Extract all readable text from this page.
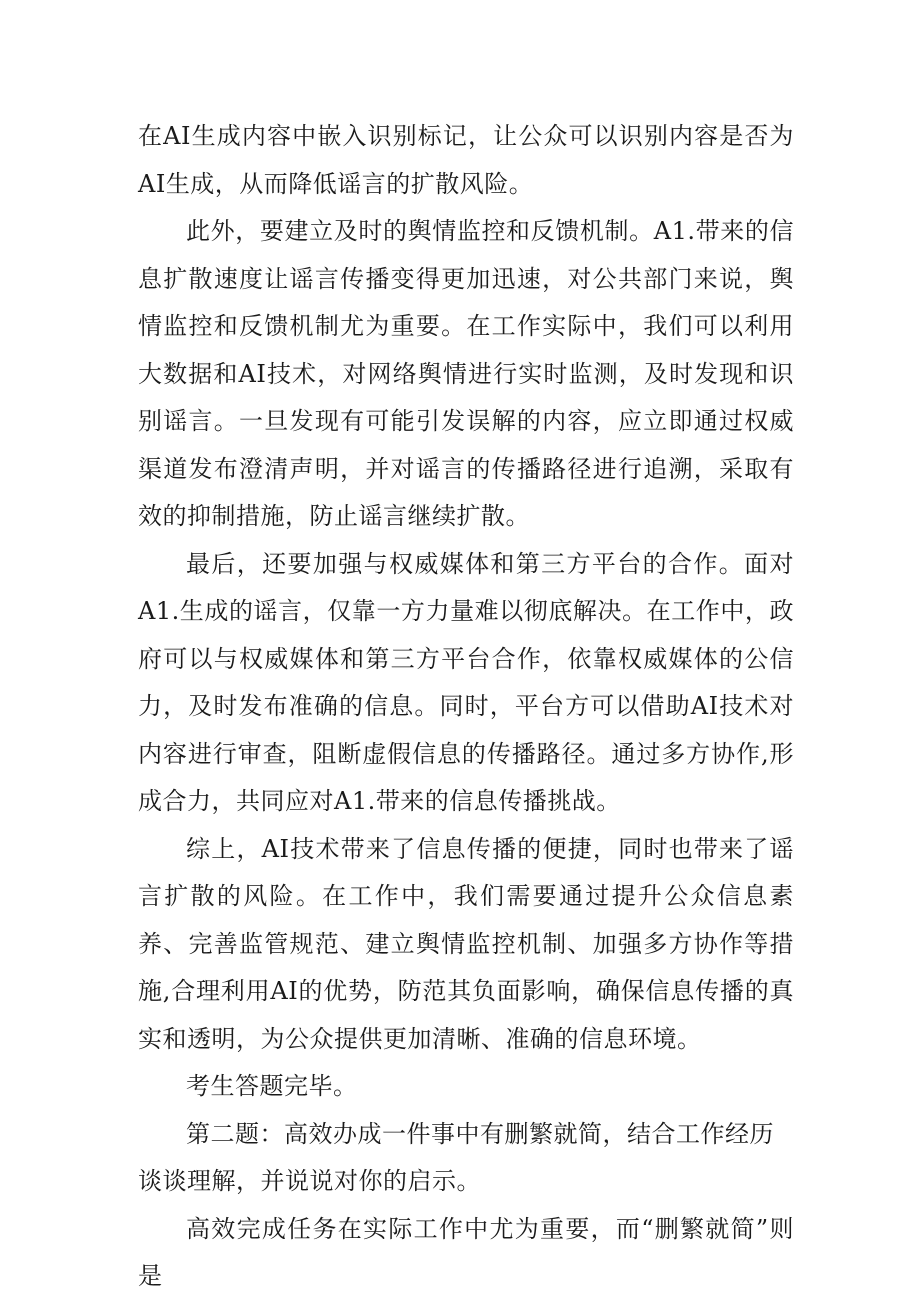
在AI生成内容中嵌入识别标记，让公众可以识别内容是否为AI生成，从而降低谣言的扩散风险。

此外，要建立及时的舆情监控和反馈机制。A1.带来的信息扩散速度让谣言传播变得更加迅速，对公共部门来说，舆情监控和反馈机制尤为重要。在工作实际中，我们可以利用大数据和AI技术，对网络舆情进行实时监测，及时发现和识别谣言。一旦发现有可能引发误解的内容，应立即通过权威渠道发布澄清声明，并对谣言的传播路径进行追溯，采取有效的抑制措施，防止谣言继续扩散。

最后，还要加强与权威媒体和第三方平台的合作。面对A1.生成的谣言，仅靠一方力量难以彻底解决。在工作中，政府可以与权威媒体和第三方平台合作，依靠权威媒体的公信力，及时发布准确的信息。同时，平台方可以借助AI技术对内容进行审查，阻断虚假信息的传播路径。通过多方协作,形成合力，共同应对A1.带来的信息传播挑战。

综上，AI技术带来了信息传播的便捷，同时也带来了谣言扩散的风险。在工作中，我们需要通过提升公众信息素养、完善监管规范、建立舆情监控机制、加强多方协作等措施,合理利用AI的优势，防范其负面影响，确保信息传播的真实和透明，为公众提供更加清晰、准确的信息环境。

考生答题完毕。

第二题：高效办成一件事中有删繁就简，结合工作经历

谈谈理解，并说说对你的启示。

高效完成任务在实际工作中尤为重要，而“删繁就简”则是
